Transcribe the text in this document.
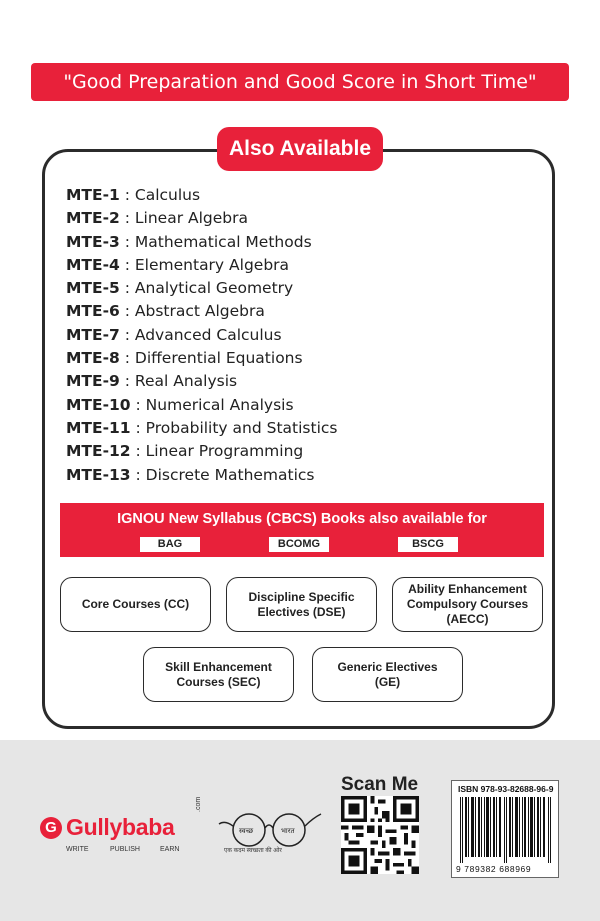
"Good Preparation and Good Score in Short Time"
Also Available
MTE-1 : Calculus
MTE-2 : Linear Algebra
MTE-3 : Mathematical Methods
MTE-4 : Elementary Algebra
MTE-5 : Analytical Geometry
MTE-6 : Abstract Algebra
MTE-7 : Advanced Calculus
MTE-8 : Differential Equations
MTE-9 : Real Analysis
MTE-10 : Numerical Analysis
MTE-11 : Probability and Statistics
MTE-12 : Linear Programming
MTE-13 : Discrete Mathematics
IGNOU New Syllabus (CBCS) Books also available for
BAG	BCOMG	BSCG
Core Courses (CC)
Discipline Specific
Electives (DSE)
Ability Enhancement
Compulsory Courses
(AECC)
Skill Enhancement
Courses (SEC)
Generic Electives
(GE)
G Gullybaba
.com
WRITE	PUBLISH	EARN
स्वच्छ	भारत
एक कदम स्वच्छता की ओर
Scan Me	ISBN 978-93-82688-96-9
9 789382 688969
